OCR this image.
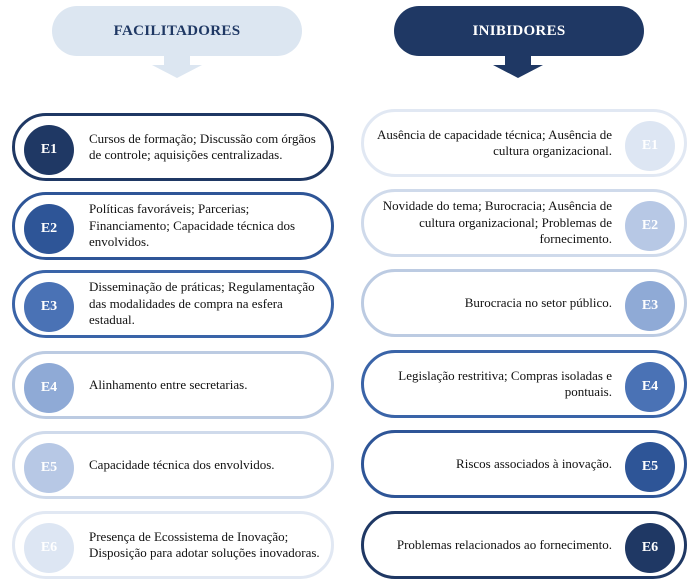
FACILITADORES	INIBIDORES
E1
Cursos de formação; Discussão com órgãos de controle; aquisições centralizadas.
E2
Políticas favoráveis; Parcerias; Financiamento; Capacidade técnica dos envolvidos.
E3
Disseminação de práticas; Regulamentação das modalidades de compra na esfera estadual.
E4	Alinhamento entre secretarias.
E5	Capacidade técnica dos envolvidos.
E6
Presença de Ecossistema de Inovação; Disposição para adotar soluções inovadoras.
E1
Ausência de capacidade técnica; Ausência de cultura organizacional.
E2
Novidade do tema; Burocracia; Ausência de cultura organizacional; Problemas de fornecimento.
E3
Burocracia no setor público.
E4
Legislação restritiva; Compras isoladas e pontuais.
E5
Riscos associados à inovação.
E6
Problemas relacionados ao fornecimento.
